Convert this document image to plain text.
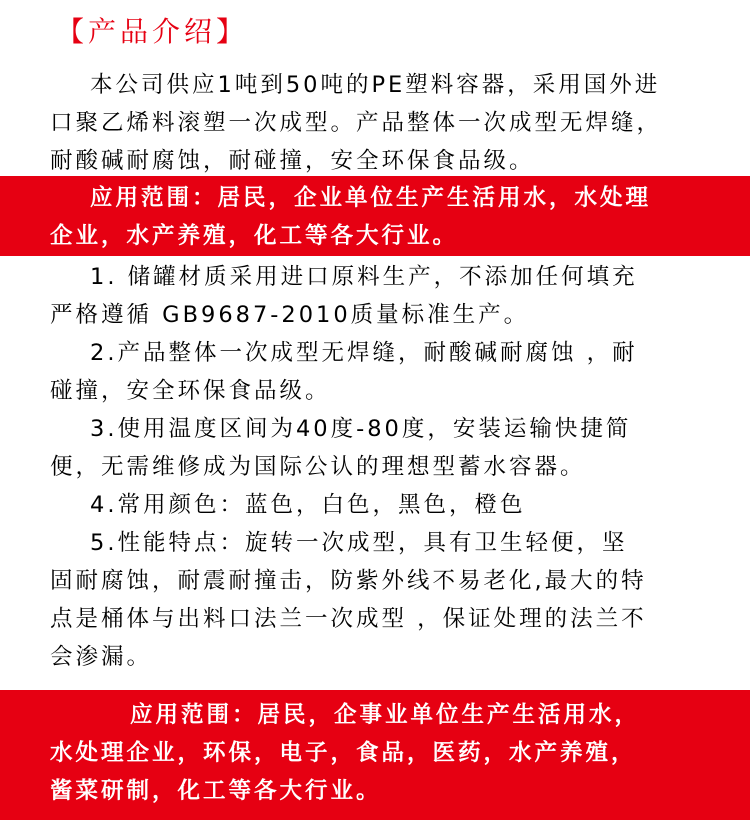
【产品介绍】
本公司供应1吨到50吨的PE塑料容器，采用国外进
口聚乙烯料滚塑一次成型。产品整体一次成型无焊缝，
耐酸碱耐腐蚀，耐碰撞，安全环保食品级。
应用范围：居民，企业单位生产生活用水，水处理
企业，水产养殖，化工等各大行业。
1. 储罐材质采用进口原料生产，不添加任何填充
严格遵循 GB9687-2010质量标准生产。
2.产品整体一次成型无焊缝，耐酸碱耐腐蚀 ，耐
碰撞，安全环保食品级。
3.使用温度区间为40度-80度，安装运输快捷简
便，无需维修成为国际公认的理想型蓄水容器。
4.常用颜色：蓝色，白色，黑色，橙色
5.性能特点：旋转一次成型，具有卫生轻便，坚
固耐腐蚀，耐震耐撞击，防紫外线不易老化,最大的特
点是桶体与出料口法兰一次成型 ，保证处理的法兰不
会渗漏。
应用范围：居民，企事业单位生产生活用水，
水处理企业，环保，电子，食品，医药，水产养殖，
酱菜研制，化工等各大行业。
